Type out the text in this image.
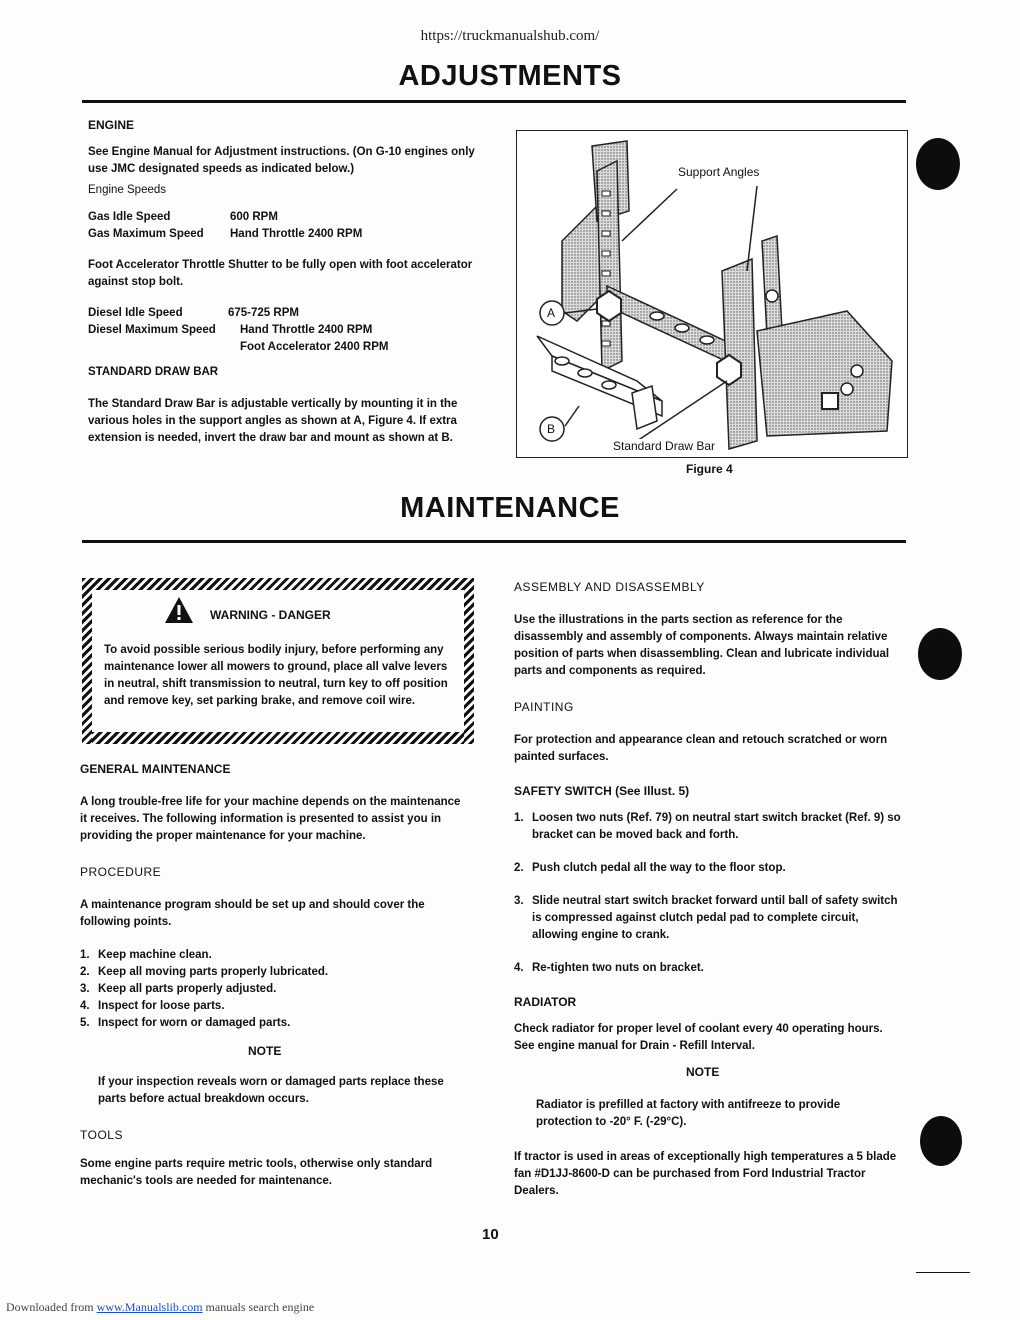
https://truckmanualshub.com/
ADJUSTMENTS
ENGINE

See Engine Manual for Adjustment instructions. (On G-10 engines only use JMC designated speeds as indicated below.)

Engine Speeds

Gas Idle Speed	600 RPM
Gas Maximum Speed	Hand Throttle 2400 RPM

Foot Accelerator Throttle Shutter to be fully open with foot accelerator against stop bolt.

Diesel Idle Speed	675-725 RPM
Diesel Maximum Speed	Hand Throttle 2400 RPM
Foot Accelerator 2400 RPM
STANDARD DRAW BAR

The Standard Draw Bar is adjustable vertically by mounting it in the various holes in the support angles as shown at A, Figure 4. If extra extension is needed, invert the draw bar and mount as shown at B.

Support Angles
A
B
Standard Draw Bar
Figure 4
MAINTENANCE
WARNING - DANGER

To avoid possible serious bodily injury, before performing any maintenance lower all mowers to ground, place all valve levers in neutral, shift transmission to neutral, turn key to off position and remove key, set parking brake, and remove coil wire.

GENERAL MAINTENANCE

A long trouble-free life for your machine depends on the maintenance it receives. The following information is presented to assist you in providing the proper maintenance for your machine.

PROCEDURE

A maintenance program should be set up and should cover the following points.

1. Keep machine clean.
2. Keep all moving parts properly lubricated.
3. Keep all parts properly adjusted.
4. Inspect for loose parts.
5. Inspect for worn or damaged parts.
NOTE

If your inspection reveals worn or damaged parts replace these parts before actual breakdown occurs.

TOOLS

Some engine parts require metric tools, otherwise only standard mechanic's tools are needed for maintenance.

ASSEMBLY AND DISASSEMBLY

Use the illustrations in the parts section as reference for the disassembly and assembly of components. Always maintain relative position of parts when disassembling. Clean and lubricate individual parts and components as required.

PAINTING

For protection and appearance clean and retouch scratched or worn painted surfaces.

SAFETY SWITCH (See Illust. 5)
1. Loosen two nuts (Ref. 79) on neutral start switch bracket (Ref. 9) so bracket can be moved back and forth.
2. Push clutch pedal all the way to the floor stop.
3. Slide neutral start switch bracket forward until ball of safety switch is compressed against clutch pedal pad to complete circuit, allowing engine to crank.
4. Re-tighten two nuts on bracket.
RADIATOR

Check radiator for proper level of coolant every 40 operating hours. See engine manual for Drain - Refill Interval.

NOTE

Radiator is prefilled at factory with antifreeze to provide protection to -20° F. (-29°C).

If tractor is used in areas of exceptionally high temperatures a 5 blade fan #D1JJ-8600-D can be purchased from Ford Industrial Tractor Dealers.

10
Downloaded from www.Manualslib.com manuals search engine
